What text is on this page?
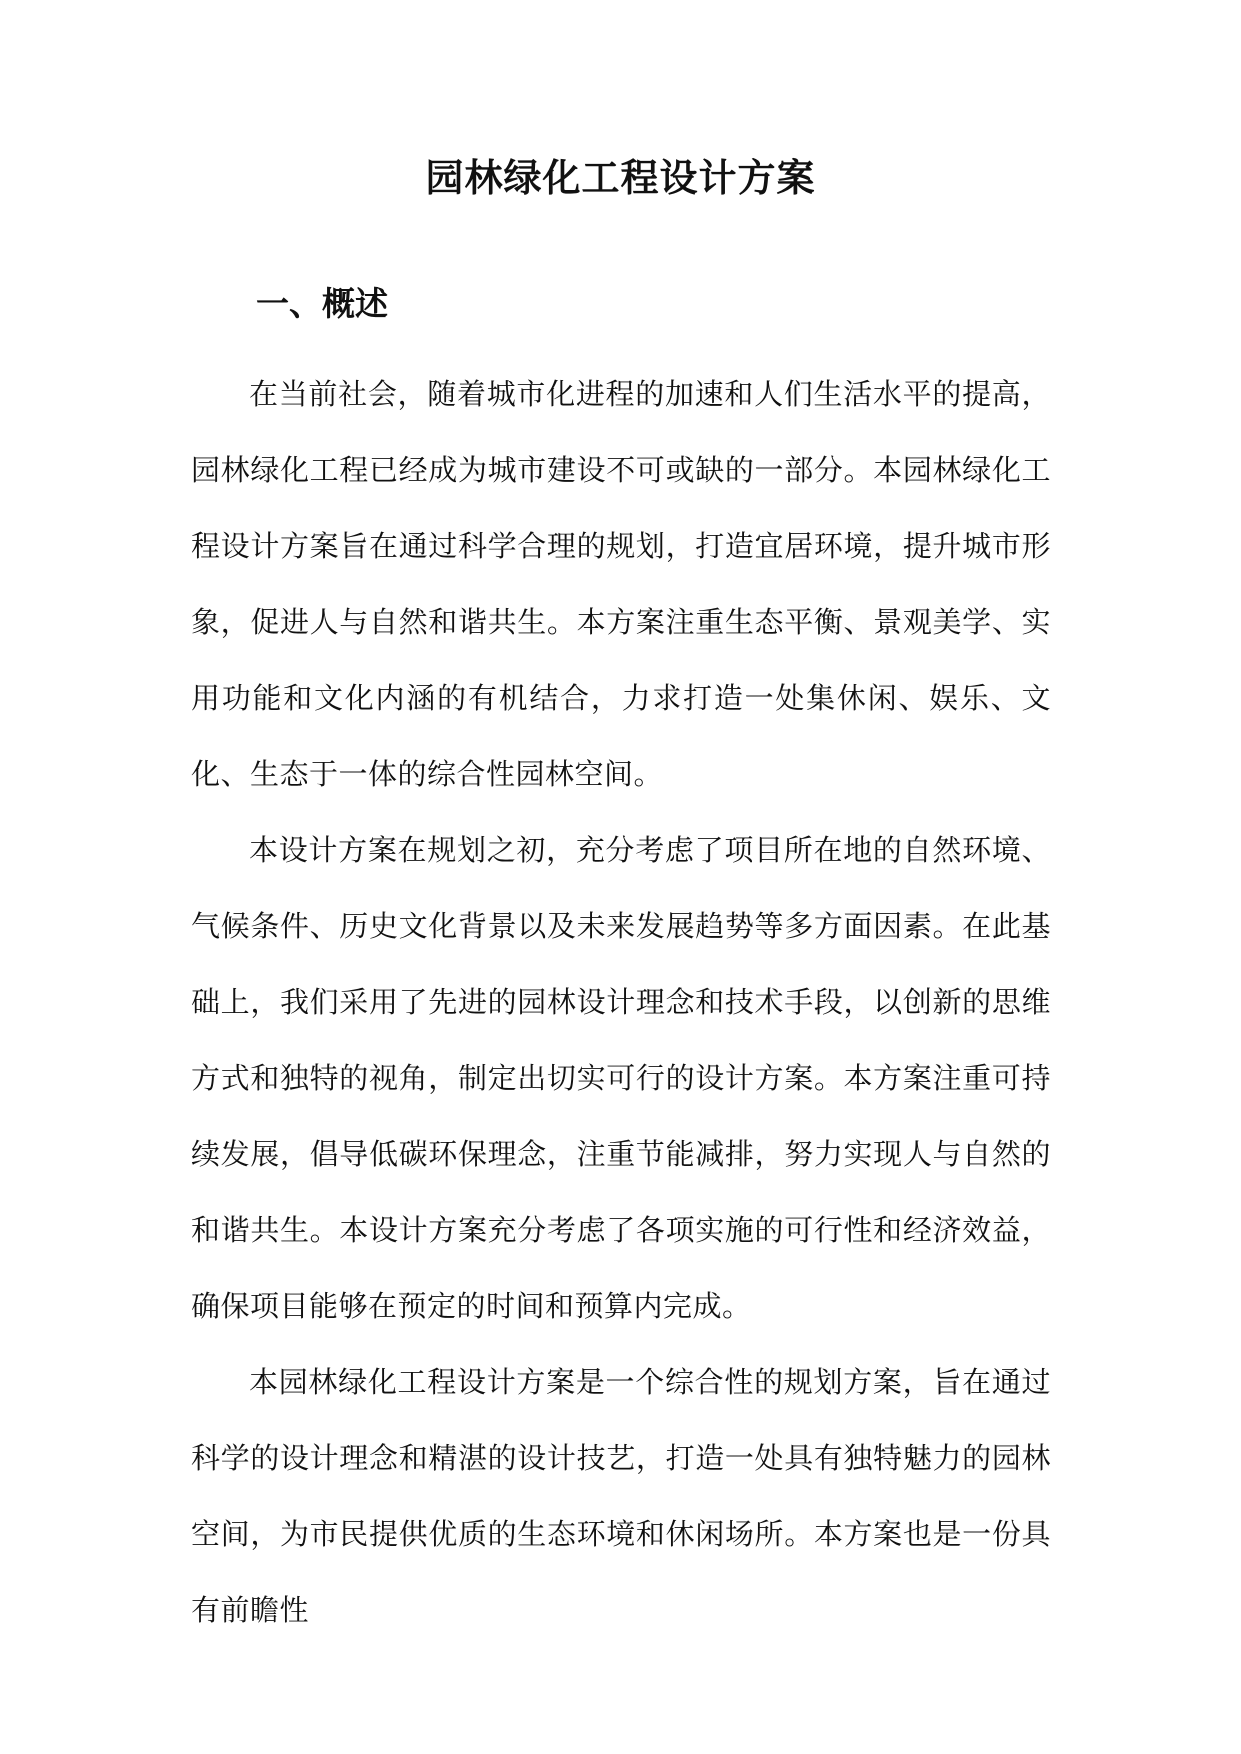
园林绿化工程设计方案
一、概述

在当前社会，随着城市化进程的加速和人们生活水平的提高，园林绿化工程已经成为城市建设不可或缺的一部分。本园林绿化工程设计方案旨在通过科学合理的规划，打造宜居环境，提升城市形象，促进人与自然和谐共生。本方案注重生态平衡、景观美学、实用功能和文化内涵的有机结合，力求打造一处集休闲、娱乐、文化、生态于一体的综合性园林空间。

本设计方案在规划之初，充分考虑了项目所在地的自然环境、气候条件、历史文化背景以及未来发展趋势等多方面因素。在此基础上，我们采用了先进的园林设计理念和技术手段，以创新的思维方式和独特的视角，制定出切实可行的设计方案。本方案注重可持续发展，倡导低碳环保理念，注重节能减排，努力实现人与自然的和谐共生。本设计方案充分考虑了各项实施的可行性和经济效益，确保项目能够在预定的时间和预算内完成。

本园林绿化工程设计方案是一个综合性的规划方案，旨在通过科学的设计理念和精湛的设计技艺，打造一处具有独特魅力的园林空间，为市民提供优质的生态环境和休闲场所。本方案也是一份具有前瞻性
